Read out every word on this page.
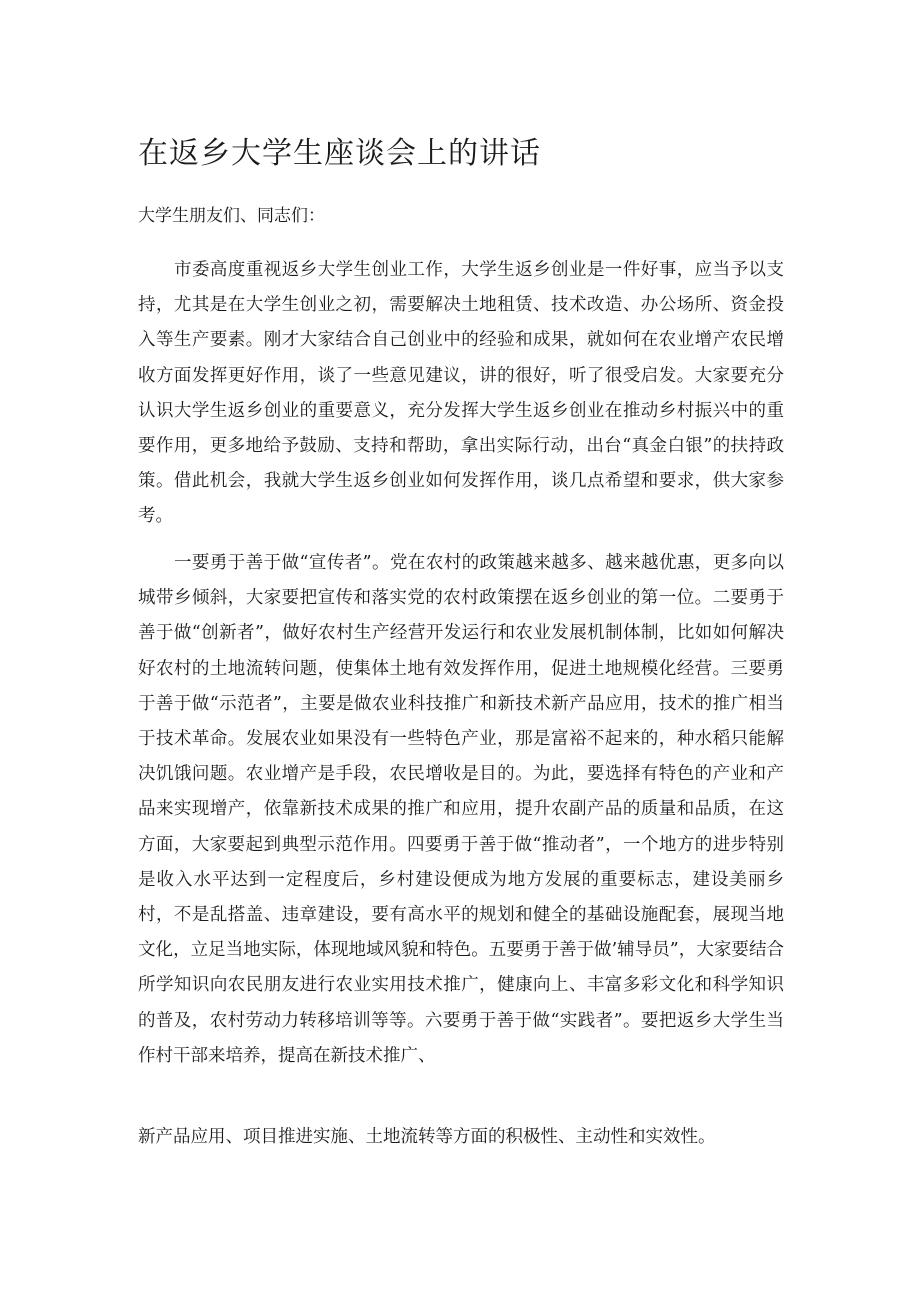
在返乡大学生座谈会上的讲话

大学生朋友们、同志们：

市委高度重视返乡大学生创业工作，大学生返乡创业是一件好事，应当予以支持，尤其是在大学生创业之初，需要解决土地租赁、技术改造、办公场所、资金投入等生产要素。刚才大家结合自己创业中的经验和成果，就如何在农业增产农民增收方面发挥更好作用，谈了一些意见建议，讲的很好，听了很受启发。大家要充分认识大学生返乡创业的重要意义，充分发挥大学生返乡创业在推动乡村振兴中的重要作用，更多地给予鼓励、支持和帮助，拿出实际行动，出台“真金白银”的扶持政策。借此机会，我就大学生返乡创业如何发挥作用，谈几点希望和要求，供大家参考。

一要勇于善于做“宣传者”。党在农村的政策越来越多、越来越优惠，更多向以城带乡倾斜，大家要把宣传和落实党的农村政策摆在返乡创业的第一位。二要勇于善于做“创新者”，做好农村生产经营开发运行和农业发展机制体制，比如如何解决好农村的土地流转问题，使集体土地有效发挥作用，促进土地规模化经营。三要勇于善于做“示范者”，主要是做农业科技推广和新技术新产品应用，技术的推广相当于技术革命。发展农业如果没有一些特色产业，那是富裕不起来的，种水稻只能解决饥饿问题。农业增产是手段，农民增收是目的。为此，要选择有特色的产业和产品来实现增产，依靠新技术成果的推广和应用，提升农副产品的质量和品质，在这方面，大家要起到典型示范作用。四要勇于善于做“推动者”，一个地方的进步特别是收入水平达到一定程度后，乡村建设便成为地方发展的重要标志，建设美丽乡村，不是乱搭盖、违章建设，要有高水平的规划和健全的基础设施配套，展现当地文化，立足当地实际，体现地域风貌和特色。五要勇于善于做’辅导员”，大家要结合所学知识向农民朋友进行农业实用技术推广，健康向上、丰富多彩文化和科学知识的普及，农村劳动力转移培训等等。六要勇于善于做“实践者”。要把返乡大学生当作村干部来培养，提高在新技术推广、

新产品应用、项目推进实施、土地流转等方面的积极性、主动性和实效性。
